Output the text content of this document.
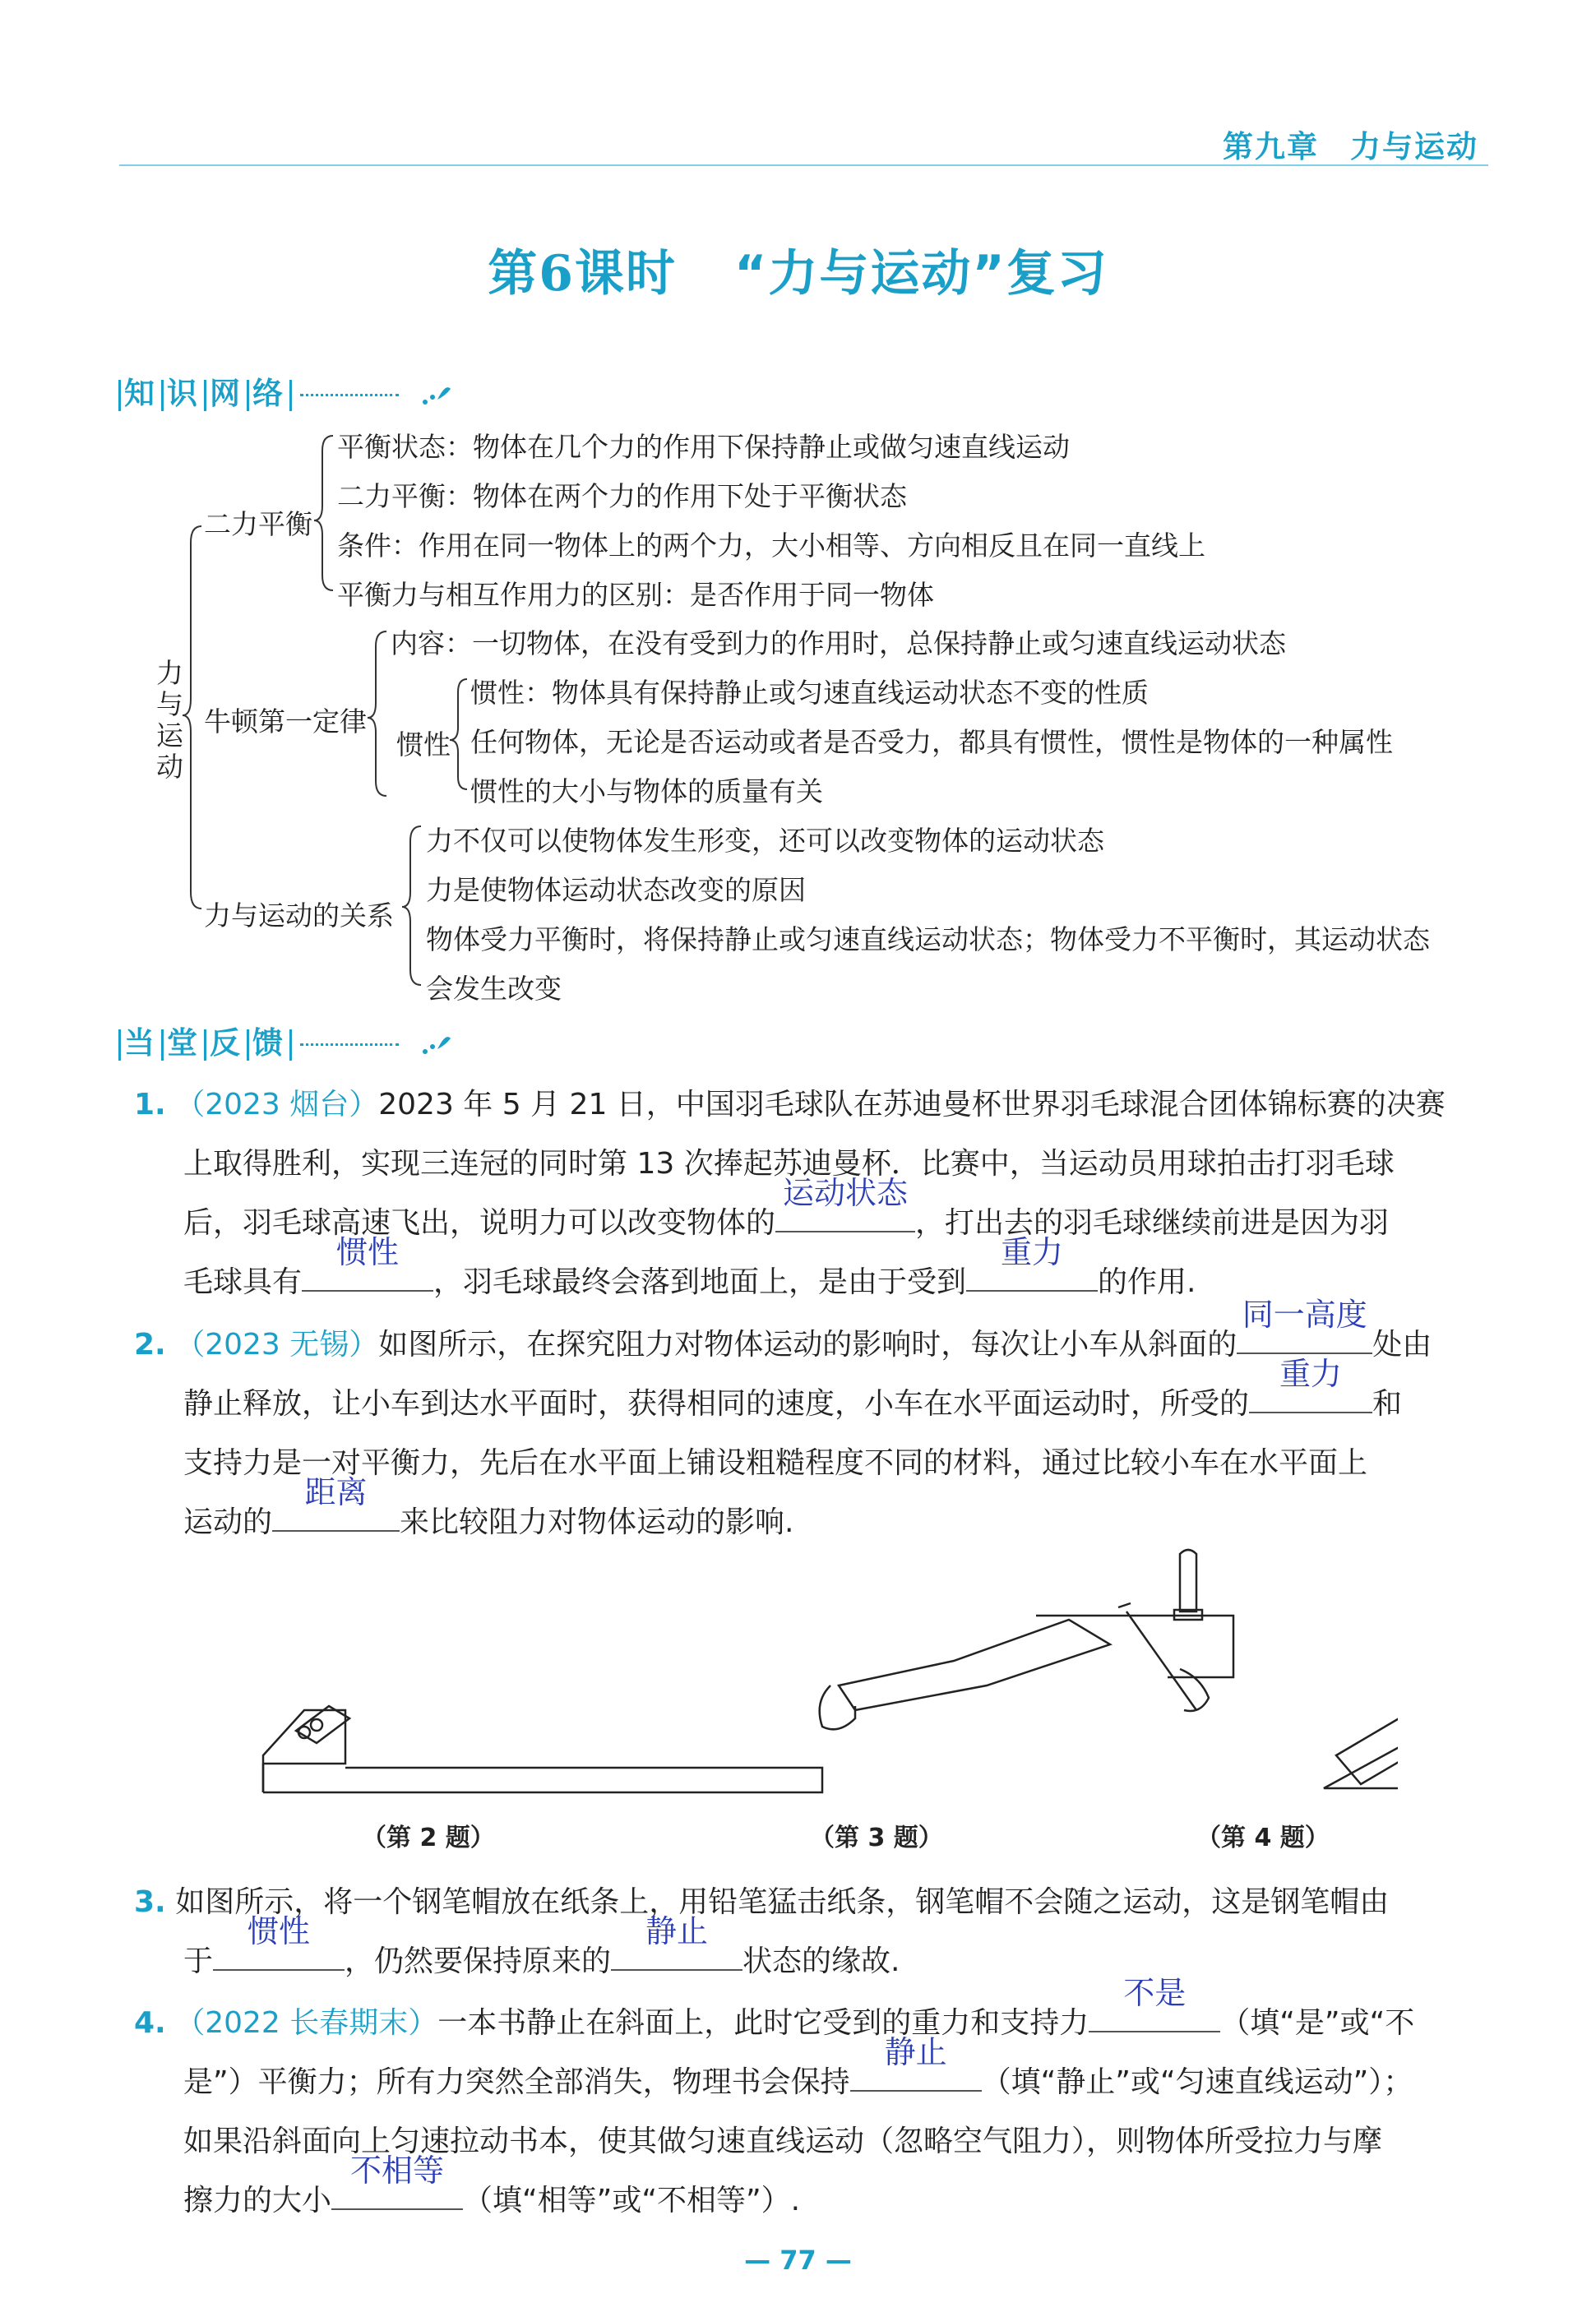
第九章 力与运动
第6课时 “力与运动”复习
知 识 网 络
力与运动
二力平衡
平衡状态：物体在几个力的作用下保持静止或做匀速直线运动
二力平衡：物体在两个力的作用下处于平衡状态
条件：作用在同一物体上的两个力，大小相等、方向相反且在同一直线上
平衡力与相互作用力的区别：是否作用于同一物体
牛顿第一定律
内容：一切物体，在没有受到力的作用时，总保持静止或匀速直线运动状态
惯性
惯性：物体具有保持静止或匀速直线运动状态不变的性质
任何物体，无论是否运动或者是否受力，都具有惯性，惯性是物体的一种属性
惯性的大小与物体的质量有关
力与运动的关系
力不仅可以使物体发生形变，还可以改变物体的运动状态
力是使物体运动状态改变的原因
物体受力平衡时，将保持静止或匀速直线运动状态；物体受力不平衡时，其运动状态
会发生改变
当 堂 反 馈
1. （2023 烟台）2023 年 5 月 21 日，中国羽毛球队在苏迪曼杯世界羽毛球混合团体锦标赛的决赛
上取得胜利，实现三连冠的同时第 13 次捧起苏迪曼杯．比赛中，当运动员用球拍击打羽毛球
后，羽毛球高速飞出，说明力可以改变物体的
运动状态
，打出去的羽毛球继续前进是因为羽
毛球具有
惯性
，羽毛球最终会落到地面上，是由于受到
重力
的作用.
2. （2023 无锡）如图所示，在探究阻力对物体运动的影响时，每次让小车从斜面的
同一高度
处由
静止释放，让小车到达水平面时，获得相同的速度，小车在水平面运动时，所受的
重力
和
支持力是一对平衡力，先后在水平面上铺设粗糙程度不同的材料，通过比较小车在水平面上
运动的
距离
来比较阻力对物体运动的影响.
（第 2 题）	（第 3 题）	（第 4 题）
3. 如图所示，将一个钢笔帽放在纸条上，用铅笔猛击纸条，钢笔帽不会随之运动，这是钢笔帽由
于
惯性
，仍然要保持原来的
静止
状态的缘故.
4. （2022 长春期末）一本书静止在斜面上，此时它受到的重力和支持力
不是
（填“是”或“不
是”）平衡力；所有力突然全部消失，物理书会保持
静止
（填“静止”或“匀速直线运动”）；
如果沿斜面向上匀速拉动书本，使其做匀速直线运动（忽略空气阻力），则物体所受拉力与摩
擦力的大小
不相等
（填“相等”或“不相等”）.
— 77 —
